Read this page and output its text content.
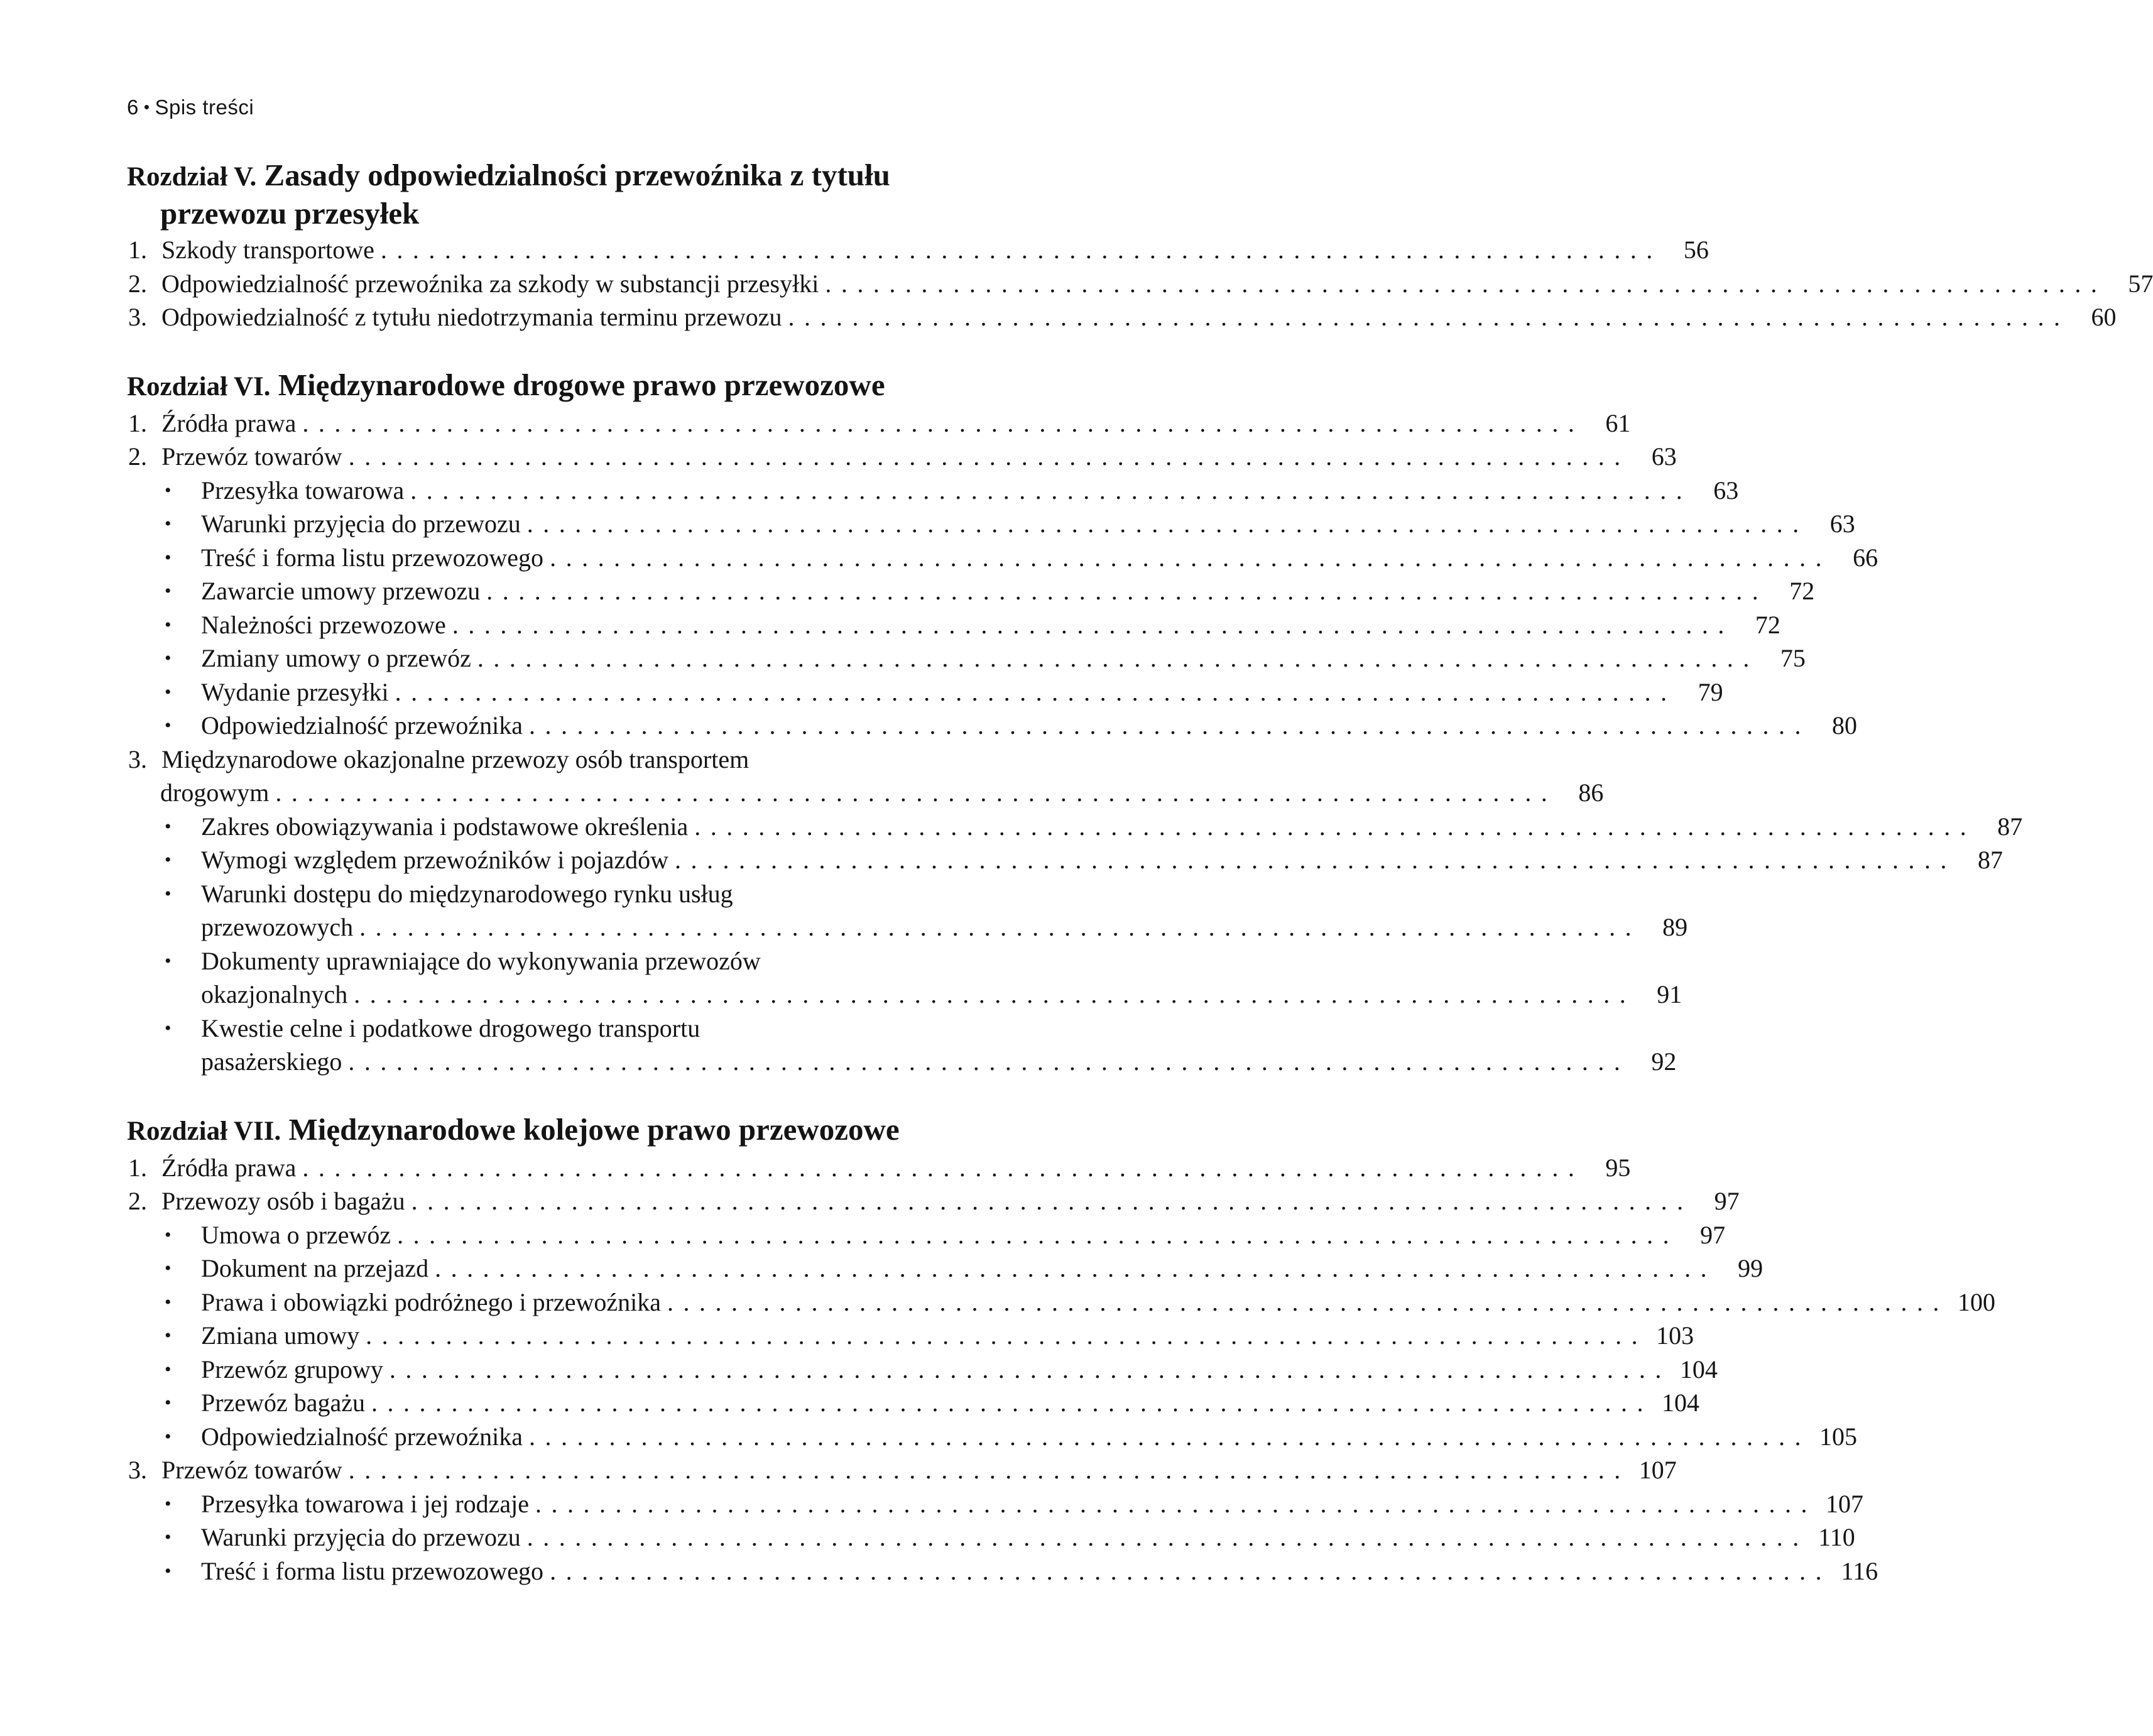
6 • Spis treści
Rozdział V. Zasady odpowiedzialności przewoźnika z tytułu
przewozu przesyłek
1. Szkody transportowe ................................................................................ 56
2. Odpowiedzialność przewoźnika za szkody w substancji przesyłki ................................................................................ 57
3. Odpowiedzialność z tytułu niedotrzymania terminu przewozu ................................................................................ 60
Rozdział VI. Międzynarodowe drogowe prawo przewozowe
1. Źródła prawa ................................................................................ 61
2. Przewóz towarów ................................................................................ 63
•	Przesyłka towarowa ................................................................................ 63
•	Warunki przyjęcia do przewozu ................................................................................ 63
•	Treść i forma listu przewozowego ................................................................................ 66
•	Zawarcie umowy przewozu ................................................................................ 72
•	Należności przewozowe ................................................................................ 72
•	Zmiany umowy o przewóz ................................................................................ 75
•	Wydanie przesyłki ................................................................................ 79
•	Odpowiedzialność przewoźnika ................................................................................ 80
3. Międzynarodowe okazjonalne przewozy osób transportem
drogowym ................................................................................ 86
•	Zakres obowiązywania i podstawowe określenia ................................................................................ 87
•	Wymogi względem przewoźników i pojazdów ................................................................................ 87
•	Warunki dostępu do międzynarodowego rynku usług
przewozowych ................................................................................ 89
•	Dokumenty uprawniające do wykonywania przewozów
okazjonalnych ................................................................................ 91
•	Kwestie celne i podatkowe drogowego transportu
pasażerskiego ................................................................................ 92
Rozdział VII. Międzynarodowe kolejowe prawo przewozowe
1. Źródła prawa ................................................................................ 95
2. Przewozy osób i bagażu ................................................................................ 97
•	Umowa o przewóz ................................................................................ 97
•	Dokument na przejazd ................................................................................ 99
•	Prawa i obowiązki podróżnego i przewoźnika ................................................................................ 100
•	Zmiana umowy ................................................................................ 103
•	Przewóz grupowy ................................................................................ 104
•	Przewóz bagażu ................................................................................ 104
•	Odpowiedzialność przewoźnika ................................................................................ 105
3. Przewóz towarów ................................................................................ 107
•	Przesyłka towarowa i jej rodzaje ................................................................................ 107
•	Warunki przyjęcia do przewozu ................................................................................ 110
•	Treść i forma listu przewozowego ................................................................................ 116
